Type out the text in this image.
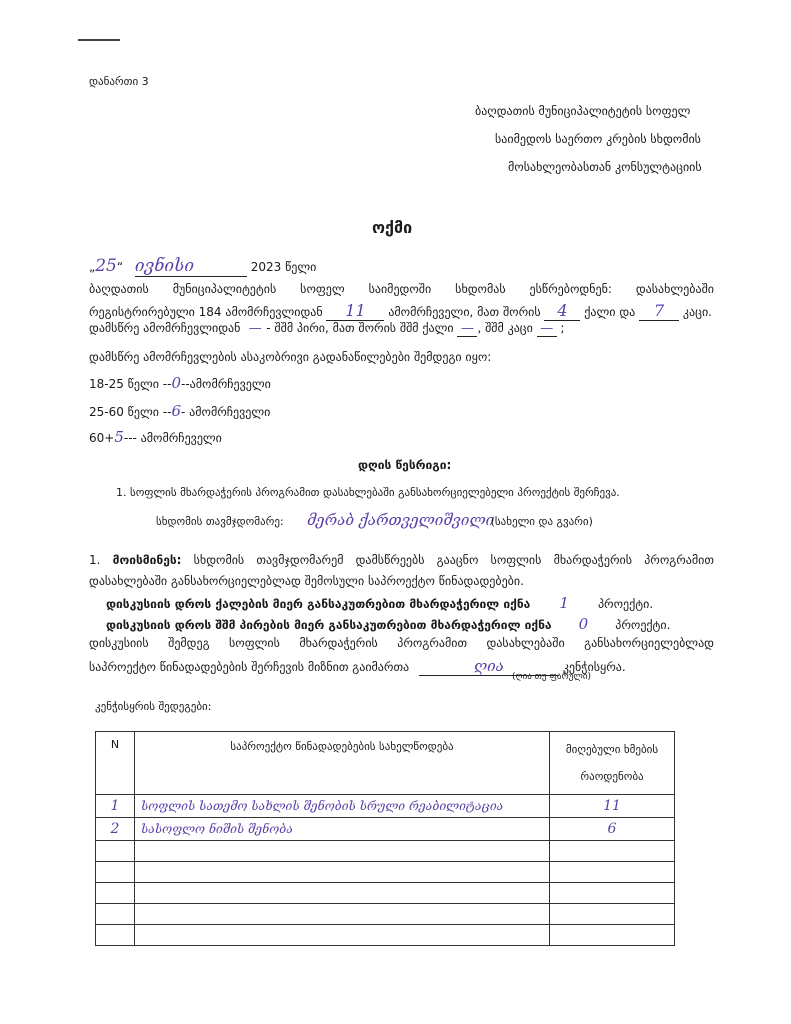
დანართი 3
ბაღდათის მუნიციპალიტეტის სოფელ
საიმედოს საერთო კრების სხდომის
მოსახლეობასთან კონსულტაციის
ოქმი
„25“ ივნისი	2023 წელი
ბაღდათის მუნიციპალიტეტის სოფელ საიმედოში სხდომას ესწრებოდნენ: დასახლებაში
რეგისტრირებული 184 ამომრჩევლიდან 11 ამომრჩეველი, მათ შორის 4 ქალი და 7 კაცი.
დამსწრე ამომრჩევლიდან — - შშმ პირი, მათ შორის შშმ ქალი — , შშმ კაცი — ;
დამსწრე ამომრჩევლების ასაკობრივი გადანაწილებები შემდეგი იყო:
18-25 წელი --0--ამომრჩეველი
25-60 წელი --6- ამომრჩეველი
60+5--- ამომრჩეველი
დღის წესრიგი:
1. სოფლის მხარდაჭერის პროგრამით დასახლებაში განსახორციელებელი პროექტის შერჩევა.
სხდომის თავმჯდომარე: მერაბ ქართველიშვილი (სახელი და გვარი)
1. მოისმინეს: სხდომის თავმჯდომარემ დამსწრეებს გააცნო სოფლის მხარდაჭერის პროგრამით
დასახლებაში განსახორციელებლად შემოსული საპროექტო წინადადებები.
დისკუსიის დროს ქალების მიერ განსაკუთრებით მხარდაჭერილ იქნა 1 პროექტი.
დისკუსიის დროს შშმ პირების მიერ განსაკუთრებით მხარდაჭერილ იქნა 0 პროექტი.
დისკუსიის შემდეგ სოფლის მხარდაჭერის პროგრამით დასახლებაში განსახორციელებლად
საპროექტო წინადადებების შერჩევის მიზნით გაიმართა	ღია	კენჭისყრა.
(ღია თუ ფარული)
კენჭისყრის შედეგები:
N	საპროექტო წინადადებების სახელწოდება	მიღებული ხმების
რაოდენობა

1	სოფლის სათემო სახლის შენობის სრული რეაბილიტაცია	11
2	სასოფლო ნიშის შენობა	6
